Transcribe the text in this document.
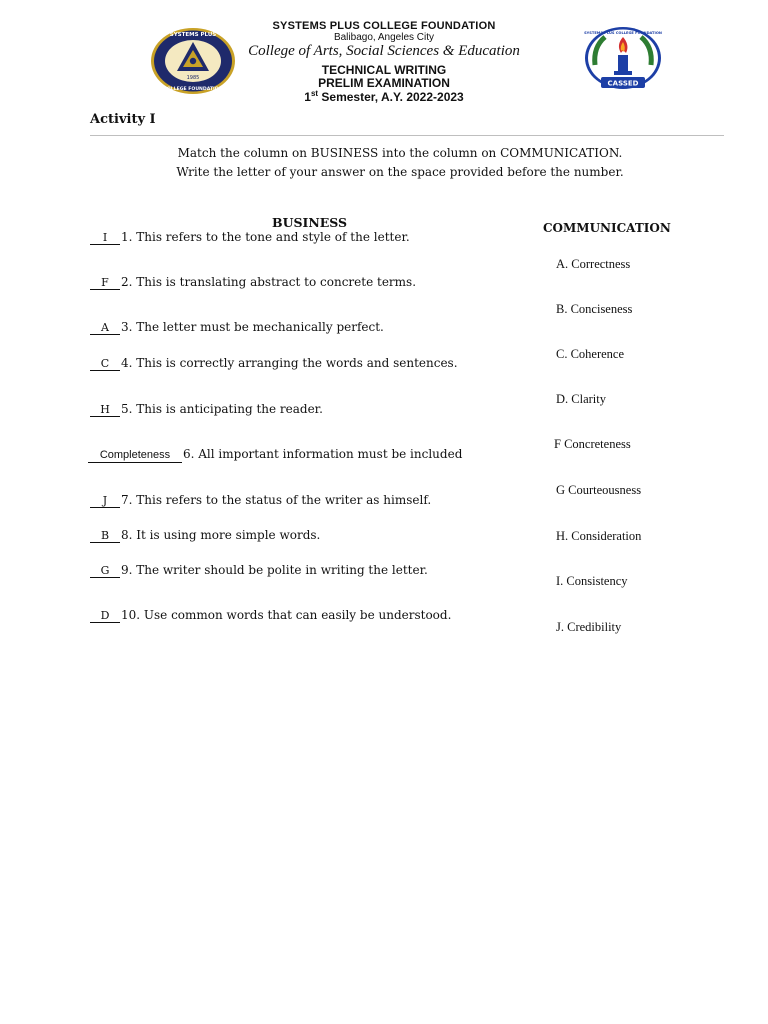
1985
SYSTEMS PLUS
COLLEGE FOUNDATION
CASSED
SYSTEMS PLUS COLLEGE FOUNDATION
SYSTEMS PLUS COLLEGE FOUNDATION
Balibago, Angeles City
College of Arts, Social Sciences & Education
TECHNICAL WRITING
PRELIM EXAMINATION
1st Semester, A.Y. 2022-2023
Activity I
Match the column on BUSINESS into the column on COMMUNICATION.
Write the letter of your answer on the space provided before the number.
BUSINESS	COMMUNICATION
I 1. This refers to the tone and style of the letter.
F 2. This is translating abstract to concrete terms.
A 3. The letter must be mechanically perfect.
C 4. This is correctly arranging the words and sentences.
H 5. This is anticipating the reader.
Completeness 6. All important information must be included
J 7. This refers to the status of the writer as himself.
B 8. It is using more simple words.
G 9. The writer should be polite in writing the letter.
D 10. Use common words that can easily be understood.
A. Correctness
B. Conciseness
C. Coherence
D. Clarity
F Concreteness
G Courteousness
H. Consideration
I. Consistency
J. Credibility
